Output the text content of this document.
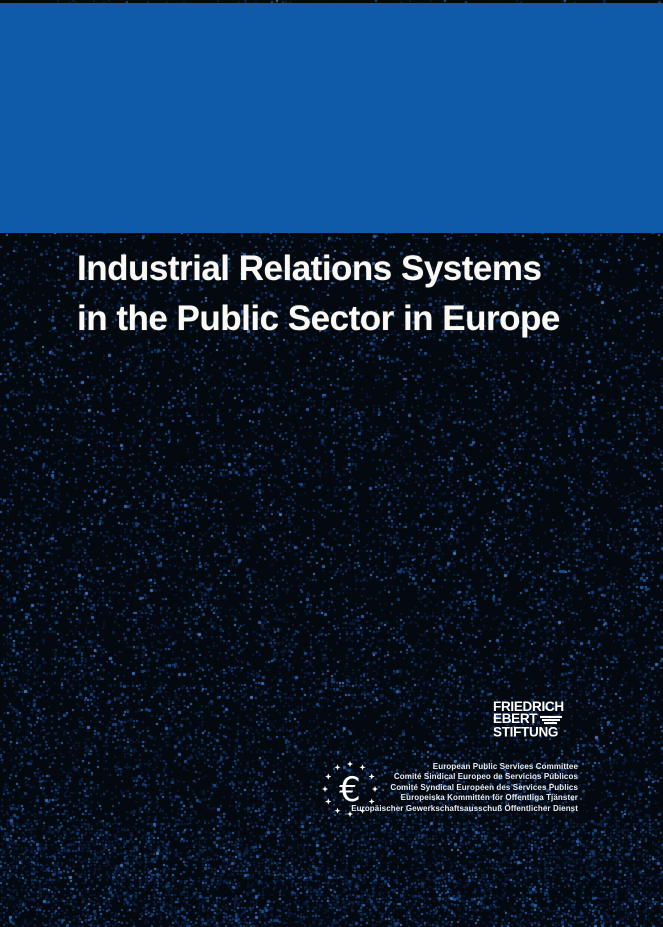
Industrial Relations Systems
in the Public Sector in Europe
FRIEDRICH
EBERT
STIFTUNG
€
European Public Services Committee
Comité Sindical Europeo de Servicios Públicos
Comité Syndical Européen des Services Publics
Europeiska Kommittén för Offentliga Tjänster
Europäischer Gewerkschaftsausschuß Öffentlicher Dienst
